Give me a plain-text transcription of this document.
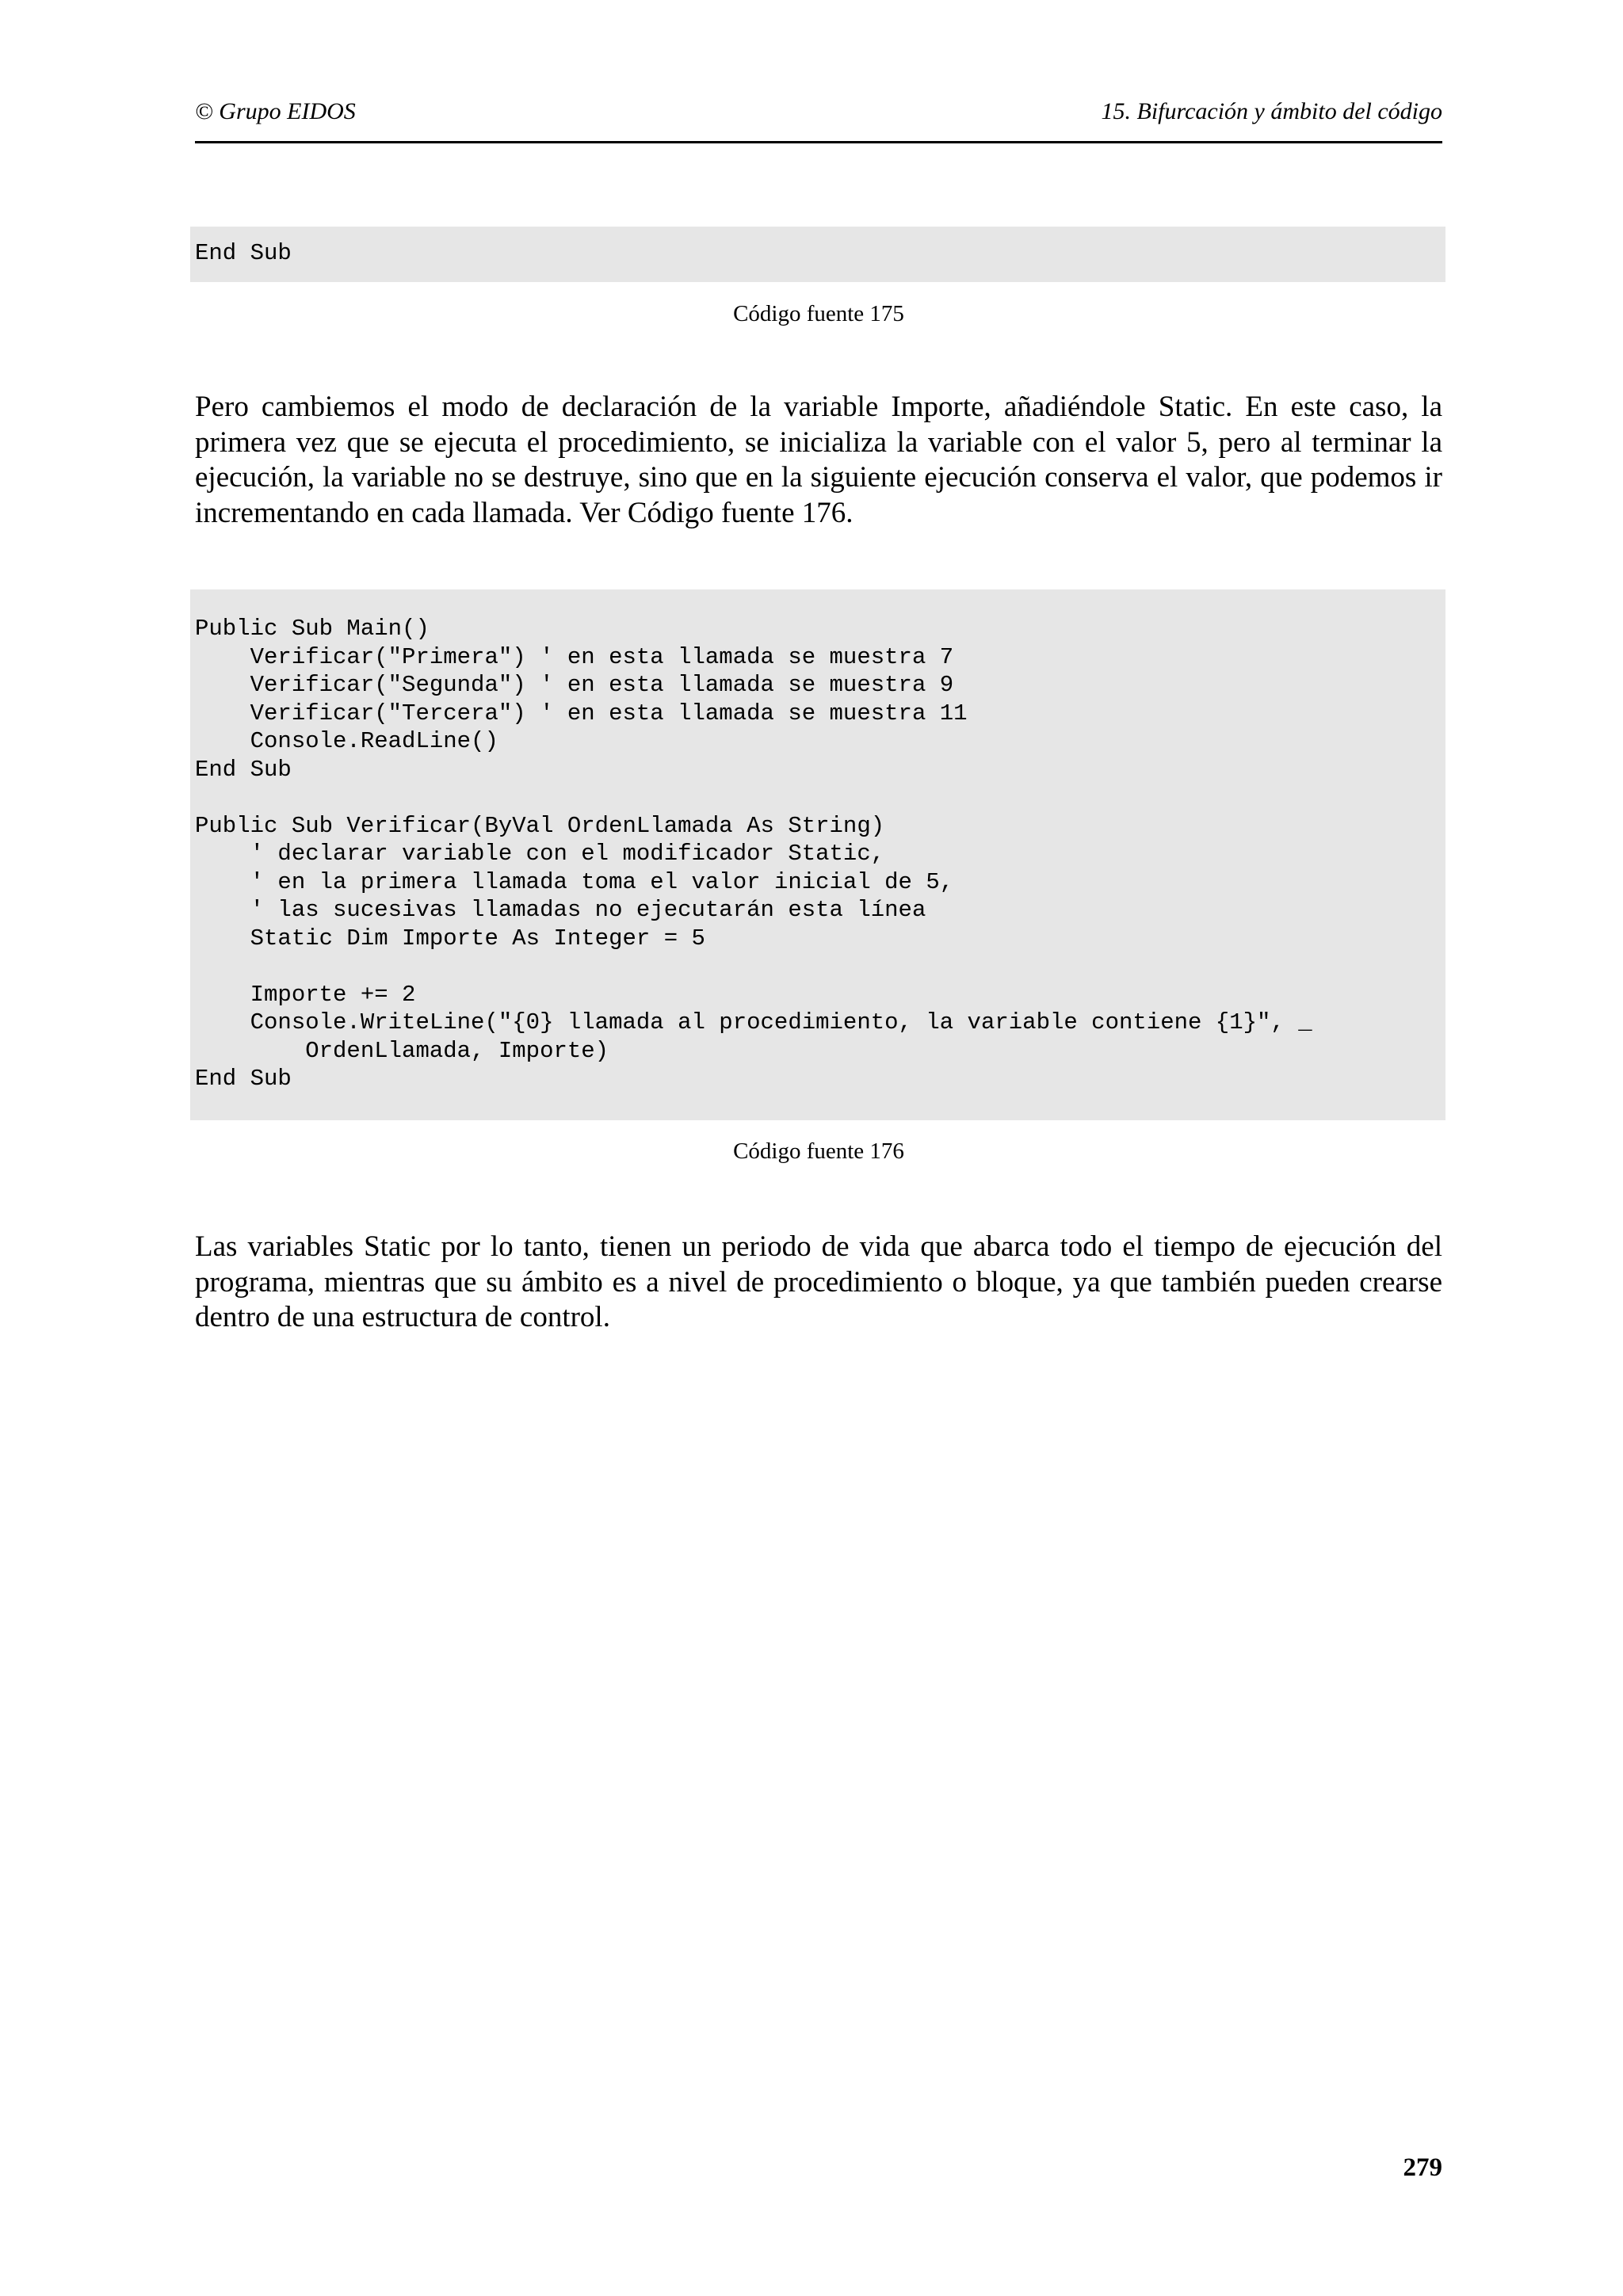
© Grupo EIDOS	15. Bifurcación y ámbito del código
End Sub
Código fuente 175

Pero cambiemos el modo de declaración de la variable Importe, añadiéndole Static. En este caso, la primera vez que se ejecuta el procedimiento, se inicializa la variable con el valor 5, pero al terminar la ejecución, la variable no se destruye, sino que en la siguiente ejecución conserva el valor, que podemos ir incrementando en cada llamada. Ver Código fuente 176.

Public Sub Main()
Verificar("Primera") ' en esta llamada se muestra 7
Verificar("Segunda") ' en esta llamada se muestra 9
Verificar("Tercera") ' en esta llamada se muestra 11
Console.ReadLine()
End Sub

Public Sub Verificar(ByVal OrdenLlamada As String)
' declarar variable con el modificador Static,
' en la primera llamada toma el valor inicial de 5,
' las sucesivas llamadas no ejecutarán esta línea
Static Dim Importe As Integer = 5

Importe += 2
Console.WriteLine("{0} llamada al procedimiento, la variable contiene {1}", _
OrdenLlamada, Importe)
End Sub
Código fuente 176

Las variables Static por lo tanto, tienen un periodo de vida que abarca todo el tiempo de ejecución del programa, mientras que su ámbito es a nivel de procedimiento o bloque, ya que también pueden crearse dentro de una estructura de control.

279
